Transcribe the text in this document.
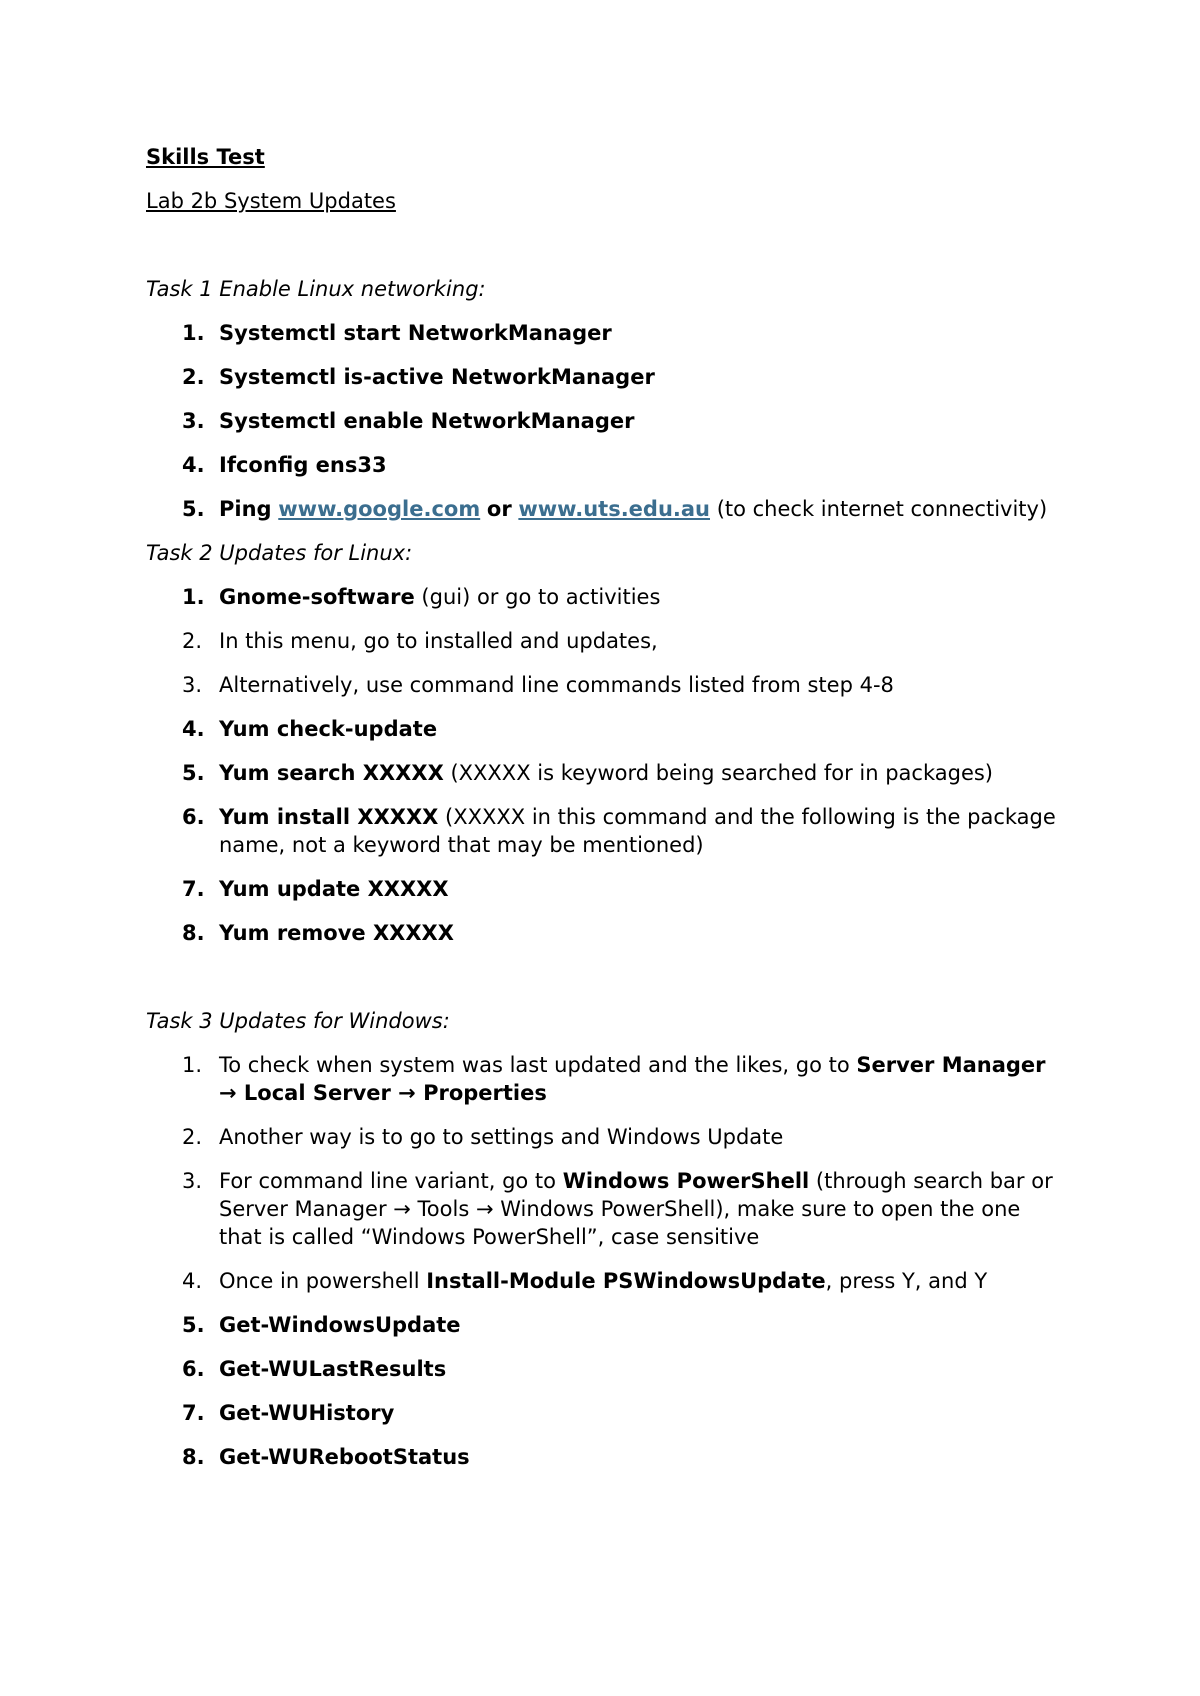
Skills Test
Lab 2b System Updates
Task 1 Enable Linux networking:
1. Systemctl start NetworkManager
2. Systemctl is-active NetworkManager
3. Systemctl enable NetworkManager
4. Ifconfig ens33
5. Ping www.google.com or www.uts.edu.au (to check internet connectivity)
Task 2 Updates for Linux:
1. Gnome-software (gui) or go to activities
2. In this menu, go to installed and updates,
3. Alternatively, use command line commands listed from step 4-8
4. Yum check-update
5. Yum search XXXXX (XXXXX is keyword being searched for in packages)
6. Yum install XXXXX (XXXXX in this command and the following is the package name, not a keyword that may be mentioned)
7. Yum update XXXXX
8. Yum remove XXXXX
Task 3 Updates for Windows:
1. To check when system was last updated and the likes, go to Server Manager → Local Server → Properties
2. Another way is to go to settings and Windows Update
3. For command line variant, go to Windows PowerShell (through search bar or Server Manager → Tools → Windows PowerShell), make sure to open the one that is called “Windows PowerShell”, case sensitive
4. Once in powershell Install-Module PSWindowsUpdate, press Y, and Y
5. Get-WindowsUpdate
6. Get-WULastResults
7. Get-WUHistory
8. Get-WURebootStatus
